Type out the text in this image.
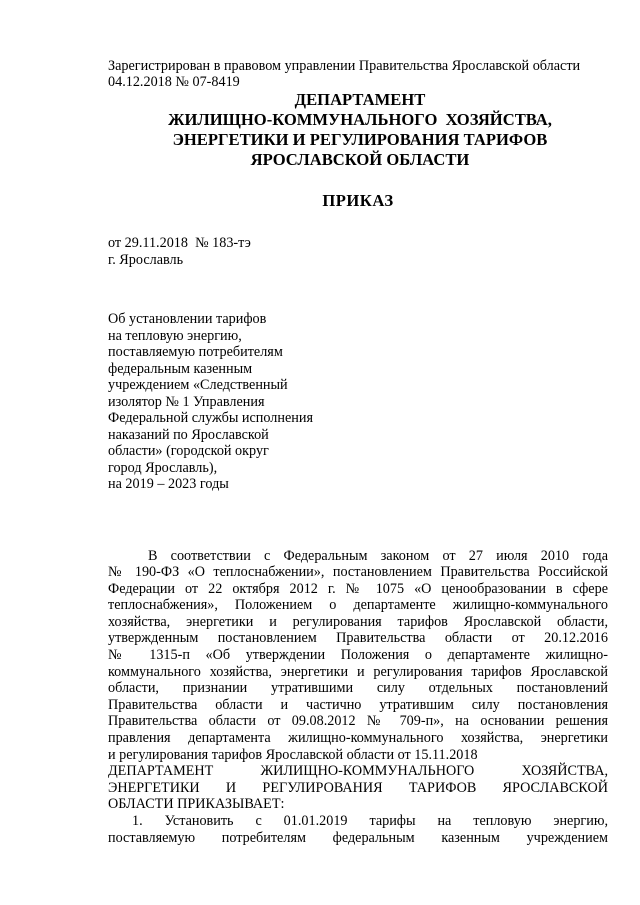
Зарегистрирован в правовом управлении Правительства Ярославской области

04.12.2018 № 07-8419

ДЕПАРТАМЕНТ

ЖИЛИЩНО-КОММУНАЛЬНОГО  ХОЗЯЙСТВА,

ЭНЕРГЕТИКИ И РЕГУЛИРОВАНИЯ ТАРИФОВ

ЯРОСЛАВСКОЙ ОБЛАСТИ

ПРИКАЗ

от 29.11.2018  № 183-тэ

г. Ярославль

Об установлении тарифов
на тепловую энергию,
поставляемую потребителям
федеральным казенным
учреждением «Следственный
изолятор № 1 Управления
Федеральной службы исполнения
наказаний по Ярославской
области» (городской округ
город Ярославль),
на 2019 – 2023 годы
В соответствии с Федеральным законом от 27 июля 2010 года
№ 190-ФЗ «О теплоснабжении», постановлением Правительства Российской
Федерации от 22 октября 2012 г. № 1075 «О ценообразовании в сфере
теплоснабжения», Положением о департаменте жилищно-коммунального
хозяйства, энергетики и регулирования тарифов Ярославской области,
утвержденным постановлением Правительства области от 20.12.2016
№ 1315-п «Об утверждении Положения о департаменте жилищно-
коммунального хозяйства, энергетики и регулирования тарифов Ярославской
области, признании утратившими силу отдельных постановлений
Правительства области и частично утратившим силу постановления
Правительства области от 09.08.2012 № 709-п», на основании решения
правления департамента жилищно-коммунального хозяйства, энергетики
и регулирования тарифов Ярославской области от 15.11.2018
ДЕПАРТАМЕНТ ЖИЛИЩНО-КОММУНАЛЬНОГО ХОЗЯЙСТВА,
ЭНЕРГЕТИКИ И РЕГУЛИРОВАНИЯ ТАРИФОВ ЯРОСЛАВСКОЙ
ОБЛАСТИ ПРИКАЗЫВАЕТ:
1. Установить с 01.01.2019 тарифы на тепловую энергию,
поставляемую потребителям федеральным казенным учреждением
